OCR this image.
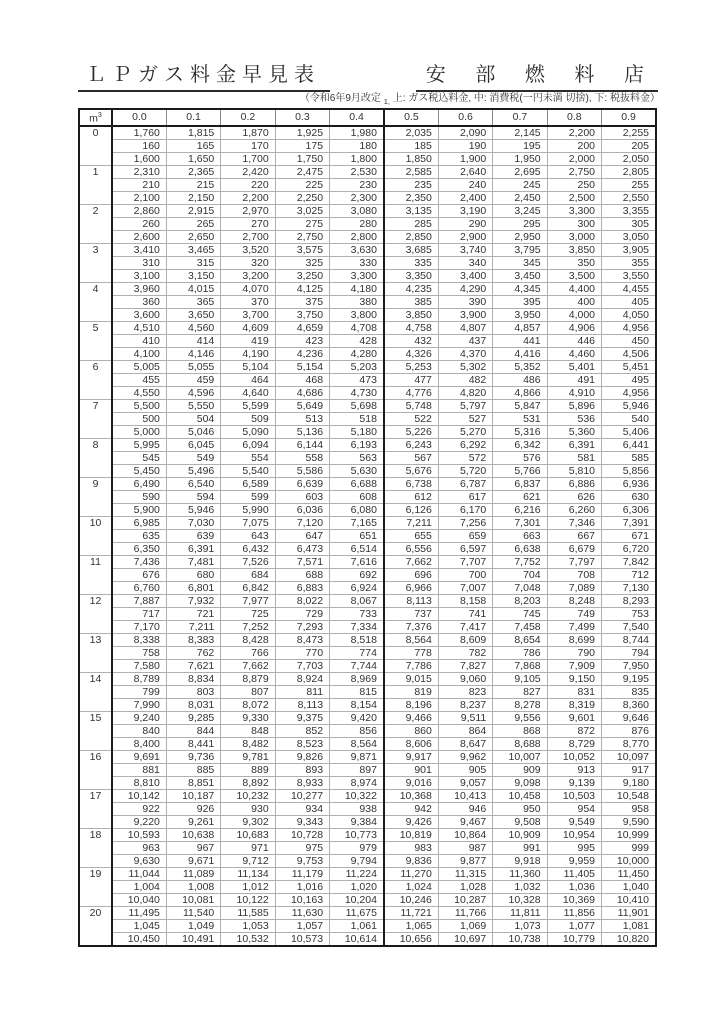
ＬＰガス料金早見表	安 部 燃 料 店
（令和6年9月改定 $_{1,}$ 上: ガス税込料金, 中: 消費税(一円未満 切捨), 下: 税抜料金）
$m^3$	0.0	0.1	0.2	0.3	0.4	0.5	0.6	0.7	0.8	0.9
0	1,760	1,815	1,870	1,925	1,980	2,035	2,090	2,145	2,200	2,255
	160	165	170	175	180	185	190	195	200	205
	1,600	1,650	1,700	1,750	1,800	1,850	1,900	1,950	2,000	2,050
1	2,310	2,365	2,420	2,475	2,530	2,585	2,640	2,695	2,750	2,805
	210	215	220	225	230	235	240	245	250	255
	2,100	2,150	2,200	2,250	2,300	2,350	2,400	2,450	2,500	2,550
2	2,860	2,915	2,970	3,025	3,080	3,135	3,190	3,245	3,300	3,355
	260	265	270	275	280	285	290	295	300	305
	2,600	2,650	2,700	2,750	2,800	2,850	2,900	2,950	3,000	3,050
3	3,410	3,465	3,520	3,575	3,630	3,685	3,740	3,795	3,850	3,905
	310	315	320	325	330	335	340	345	350	355
	3,100	3,150	3,200	3,250	3,300	3,350	3,400	3,450	3,500	3,550
4	3,960	4,015	4,070	4,125	4,180	4,235	4,290	4,345	4,400	4,455
	360	365	370	375	380	385	390	395	400	405
	3,600	3,650	3,700	3,750	3,800	3,850	3,900	3,950	4,000	4,050
5	4,510	4,560	4,609	4,659	4,708	4,758	4,807	4,857	4,906	4,956
	410	414	419	423	428	432	437	441	446	450
	4,100	4,146	4,190	4,236	4,280	4,326	4,370	4,416	4,460	4,506
6	5,005	5,055	5,104	5,154	5,203	5,253	5,302	5,352	5,401	5,451
	455	459	464	468	473	477	482	486	491	495
	4,550	4,596	4,640	4,686	4,730	4,776	4,820	4,866	4,910	4,956
7	5,500	5,550	5,599	5,649	5,698	5,748	5,797	5,847	5,896	5,946
	500	504	509	513	518	522	527	531	536	540
	5,000	5,046	5,090	5,136	5,180	5,226	5,270	5,316	5,360	5,406
8	5,995	6,045	6,094	6,144	6,193	6,243	6,292	6,342	6,391	6,441
	545	549	554	558	563	567	572	576	581	585
	5,450	5,496	5,540	5,586	5,630	5,676	5,720	5,766	5,810	5,856
9	6,490	6,540	6,589	6,639	6,688	6,738	6,787	6,837	6,886	6,936
	590	594	599	603	608	612	617	621	626	630
	5,900	5,946	5,990	6,036	6,080	6,126	6,170	6,216	6,260	6,306
10	6,985	7,030	7,075	7,120	7,165	7,211	7,256	7,301	7,346	7,391
	635	639	643	647	651	655	659	663	667	671
	6,350	6,391	6,432	6,473	6,514	6,556	6,597	6,638	6,679	6,720
11	7,436	7,481	7,526	7,571	7,616	7,662	7,707	7,752	7,797	7,842
	676	680	684	688	692	696	700	704	708	712
	6,760	6,801	6,842	6,883	6,924	6,966	7,007	7,048	7,089	7,130
12	7,887	7,932	7,977	8,022	8,067	8,113	8,158	8,203	8,248	8,293
	717	721	725	729	733	737	741	745	749	753
	7,170	7,211	7,252	7,293	7,334	7,376	7,417	7,458	7,499	7,540
13	8,338	8,383	8,428	8,473	8,518	8,564	8,609	8,654	8,699	8,744
	758	762	766	770	774	778	782	786	790	794
	7,580	7,621	7,662	7,703	7,744	7,786	7,827	7,868	7,909	7,950
14	8,789	8,834	8,879	8,924	8,969	9,015	9,060	9,105	9,150	9,195
	799	803	807	811	815	819	823	827	831	835
	7,990	8,031	8,072	8,113	8,154	8,196	8,237	8,278	8,319	8,360
15	9,240	9,285	9,330	9,375	9,420	9,466	9,511	9,556	9,601	9,646
	840	844	848	852	856	860	864	868	872	876
	8,400	8,441	8,482	8,523	8,564	8,606	8,647	8,688	8,729	8,770
16	9,691	9,736	9,781	9,826	9,871	9,917	9,962	10,007	10,052	10,097
	881	885	889	893	897	901	905	909	913	917
	8,810	8,851	8,892	8,933	8,974	9,016	9,057	9,098	9,139	9,180
17	10,142	10,187	10,232	10,277	10,322	10,368	10,413	10,458	10,503	10,548
	922	926	930	934	938	942	946	950	954	958
	9,220	9,261	9,302	9,343	9,384	9,426	9,467	9,508	9,549	9,590
18	10,593	10,638	10,683	10,728	10,773	10,819	10,864	10,909	10,954	10,999
	963	967	971	975	979	983	987	991	995	999
	9,630	9,671	9,712	9,753	9,794	9,836	9,877	9,918	9,959	10,000
19	11,044	11,089	11,134	11,179	11,224	11,270	11,315	11,360	11,405	11,450
	1,004	1,008	1,012	1,016	1,020	1,024	1,028	1,032	1,036	1,040
	10,040	10,081	10,122	10,163	10,204	10,246	10,287	10,328	10,369	10,410
20	11,495	11,540	11,585	11,630	11,675	11,721	11,766	11,811	11,856	11,901
	1,045	1,049	1,053	1,057	1,061	1,065	1,069	1,073	1,077	1,081
	10,450	10,491	10,532	10,573	10,614	10,656	10,697	10,738	10,779	10,820
